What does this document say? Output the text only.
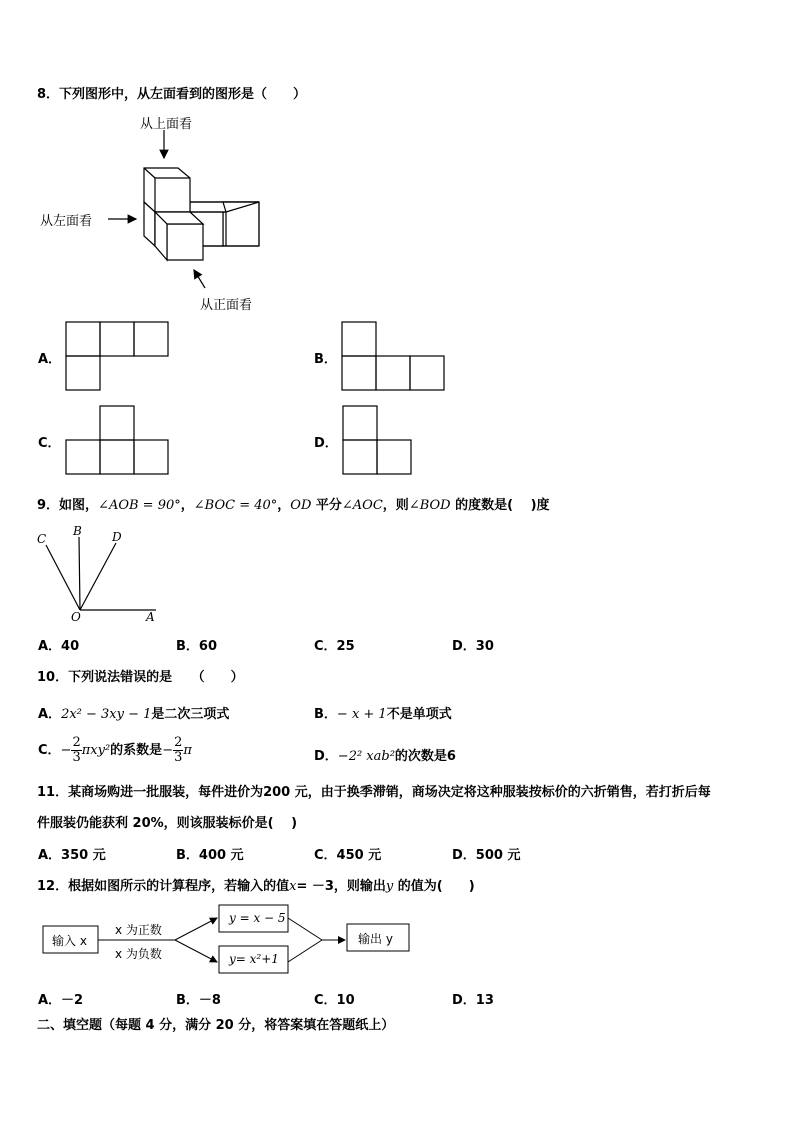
8．下列图形中，从左面看到的图形是（　　）
从上面看
从左面看
从正面看
A．	B．
C．	D．
9．如图，∠AOB = 90°，∠BOC = 40°，OD 平分∠AOC，则∠BOD 的度数是(　 )度
C
B	D
O	A
A．40	B．60	C．25	D．30
10．下列说法错误的是　　（　　）
A．2x² − 3xy − 1是二次三项式	B．− x + 1不是单项式
C．− $\frac{2}{3} \pi xy^2$的系数是− $\frac{2}{3}$ π	D．−2² xab²的次数是6
11．某商场购进一批服装，每件进价为200 元，由于换季滞销，商场决定将这种服装按标价的六折销售，若打折后每
件服装仍能获利 20%，则该服装标价是(　 )
A．350 元	B．400 元	C．450 元	D．500 元
12．根据如图所示的计算程序，若输入的值x= －3，则输出y 的值为(　　)
输入 x
x 为正数
x 为负数
y = x − 5
y= x²+1
输出 y
A．－2	B．－8	C．10	D．13
二、填空题（每题 4 分，满分 20 分，将答案填在答题纸上）
